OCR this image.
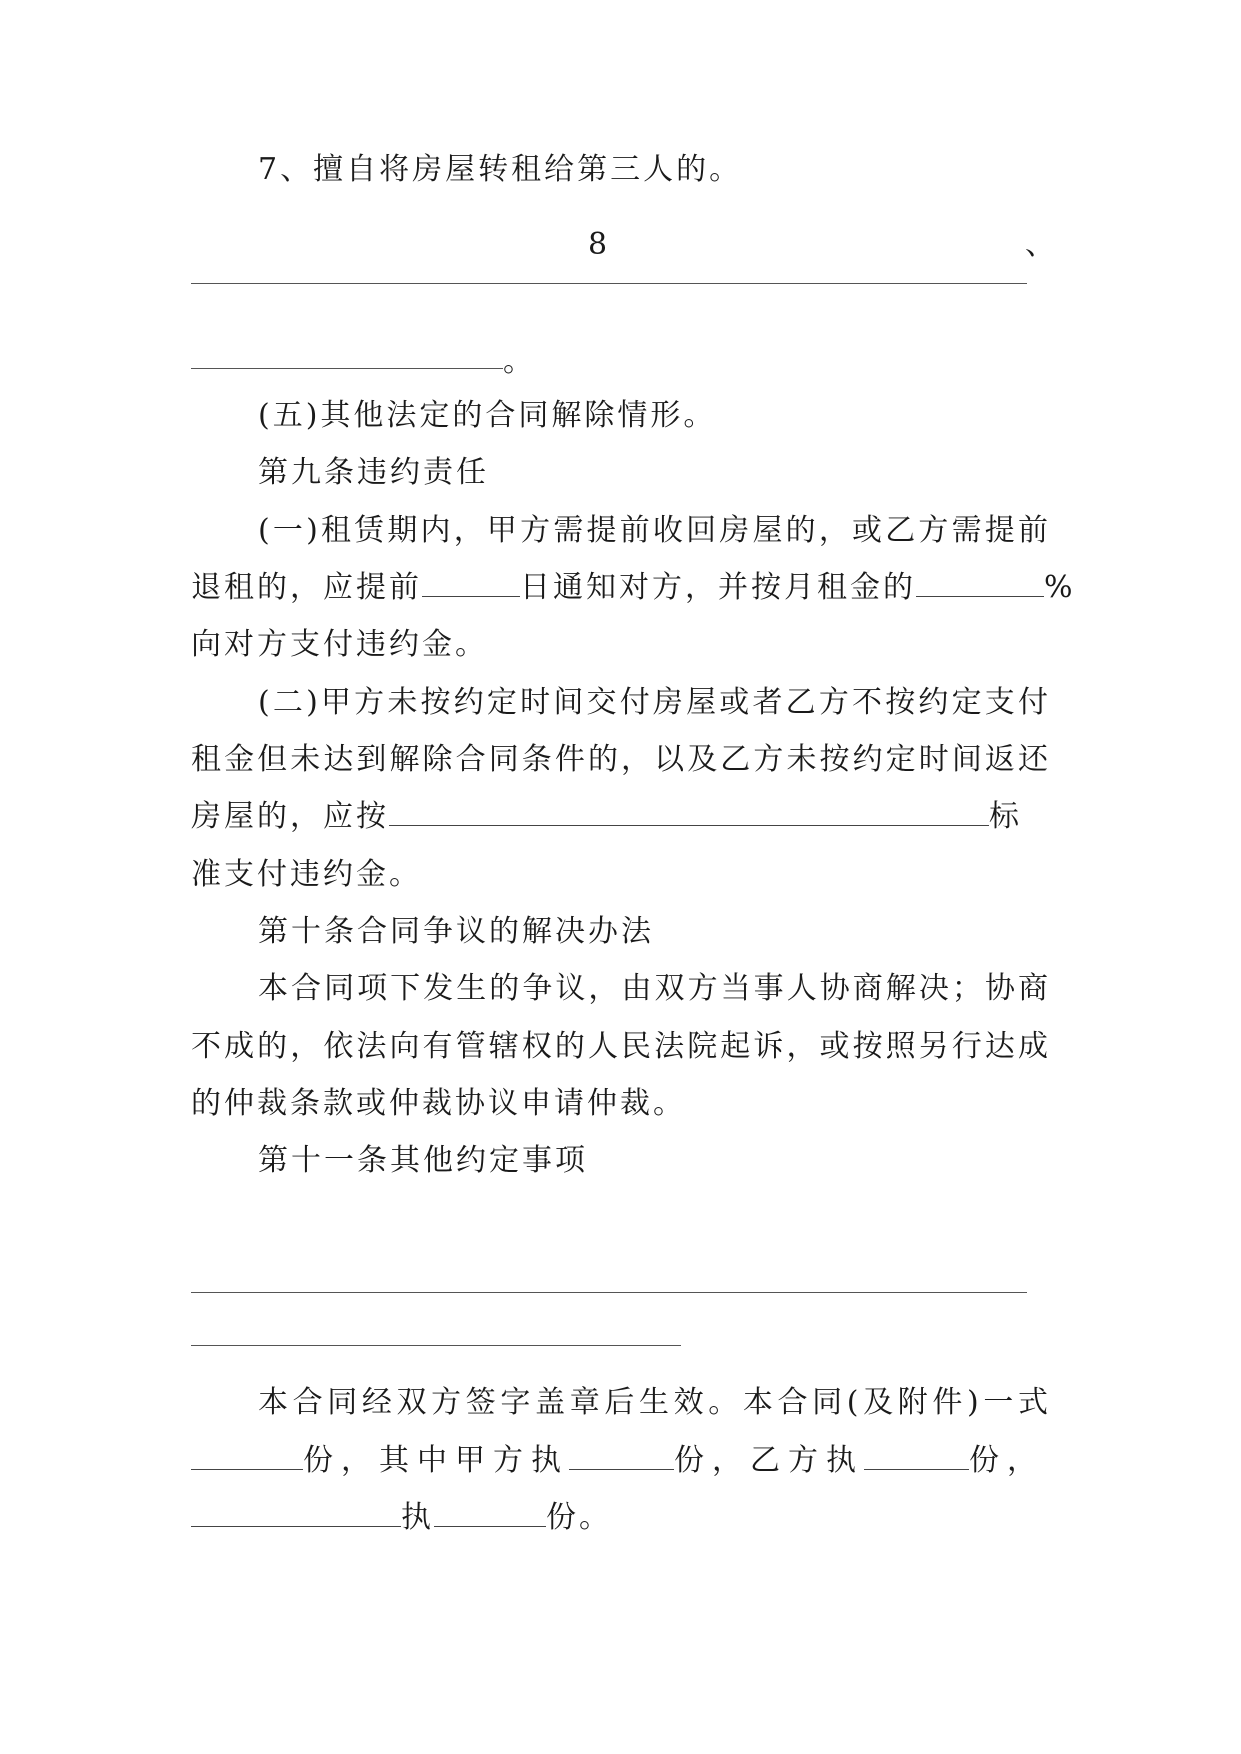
7、擅自将房屋转租给第三人的。
8	、
。
(五)其他法定的合同解除情形。
第九条违约责任
(一)租赁期内，甲方需提前收回房屋的，或乙方需提前
退租的，应提前	日通知对方，并按月租金的	%
向对方支付违约金。
(二)甲方未按约定时间交付房屋或者乙方不按约定支付
租金但未达到解除合同条件的，以及乙方未按约定时间返还
房屋的，应按	标
准支付违约金。
第十条合同争议的解决办法
本合同项下发生的争议，由双方当事人协商解决；协商
不成的，依法向有管辖权的人民法院起诉，或按照另行达成
的仲裁条款或仲裁协议申请仲裁。
第十一条其他约定事项
本合同经双方签字盖章后生效。本合同(及附件)一式
份，其中甲方执	份，乙方执	份，
执	份。
